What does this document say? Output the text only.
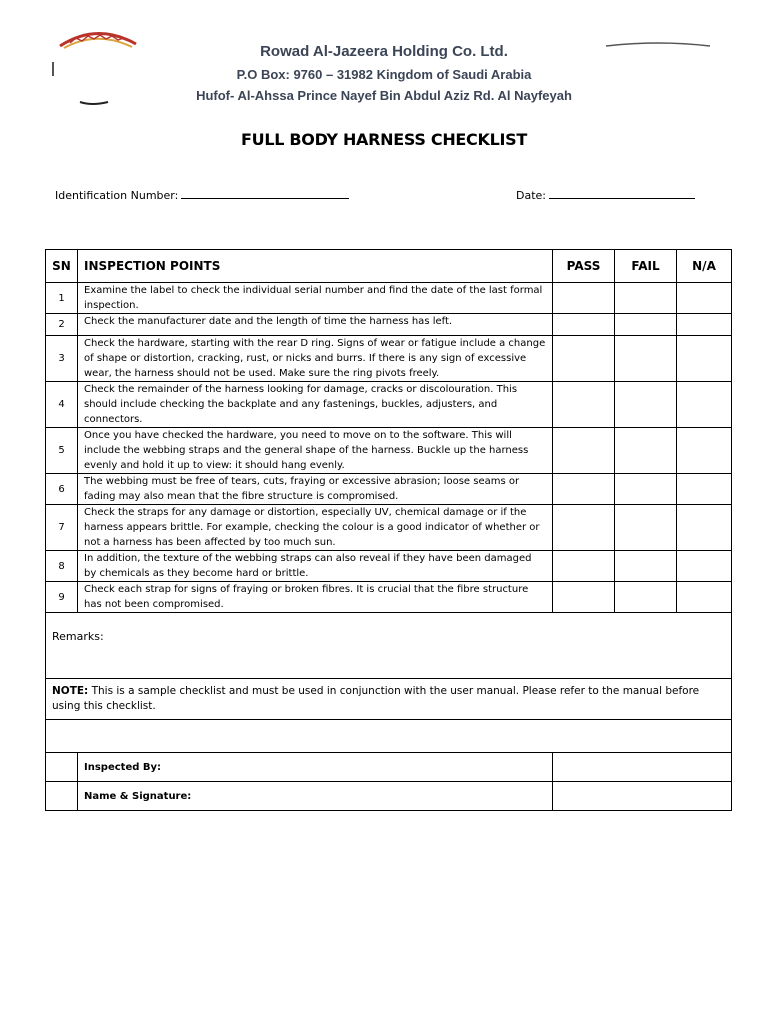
Rowad Al-Jazeera Holding Co. Ltd.
P.O Box: 9760 – 31982 Kingdom of Saudi Arabia
Hufof- Al-Ahssa Prince Nayef Bin Abdul Aziz Rd. Al Nayfeyah
FULL BODY HARNESS CHECKLIST
Identification Number:	Date:
SN	INSPECTION POINTS	PASS	FAIL	N/A
1	Examine the label to check the individual serial number and find the date of the last formal inspection.			
2	Check the manufacturer date and the length of time the harness has left.			
3	Check the hardware, starting with the rear D ring. Signs of wear or fatigue include a change of shape or distortion, cracking, rust, or nicks and burrs. If there is any sign of excessive wear, the harness should not be used. Make sure the ring pivots freely.			
4	Check the remainder of the harness looking for damage, cracks or discolouration. This should include checking the backplate and any fastenings, buckles, adjusters, and connectors.			
5	Once you have checked the hardware, you need to move on to the software. This will include the webbing straps and the general shape of the harness. Buckle up the harness evenly and hold it up to view: it should hang evenly.			
6	The webbing must be free of tears, cuts, fraying or excessive abrasion; loose seams or fading may also mean that the fibre structure is compromised.			
7	Check the straps for any damage or distortion, especially UV, chemical damage or if the harness appears brittle. For example, checking the colour is a good indicator of whether or not a harness has been affected by too much sun.			
8	In addition, the texture of the webbing straps can also reveal if they have been damaged by chemicals as they become hard or brittle.			
9	Check each strap for signs of fraying or broken fibres. It is crucial that the fibre structure has not been compromised.			
Remarks:				
NOTE: This is a sample checklist and must be used in conjunction with the user manual. Please refer to the manual before using this checklist.				

	Inspected By:			
	Name & Signature:			
